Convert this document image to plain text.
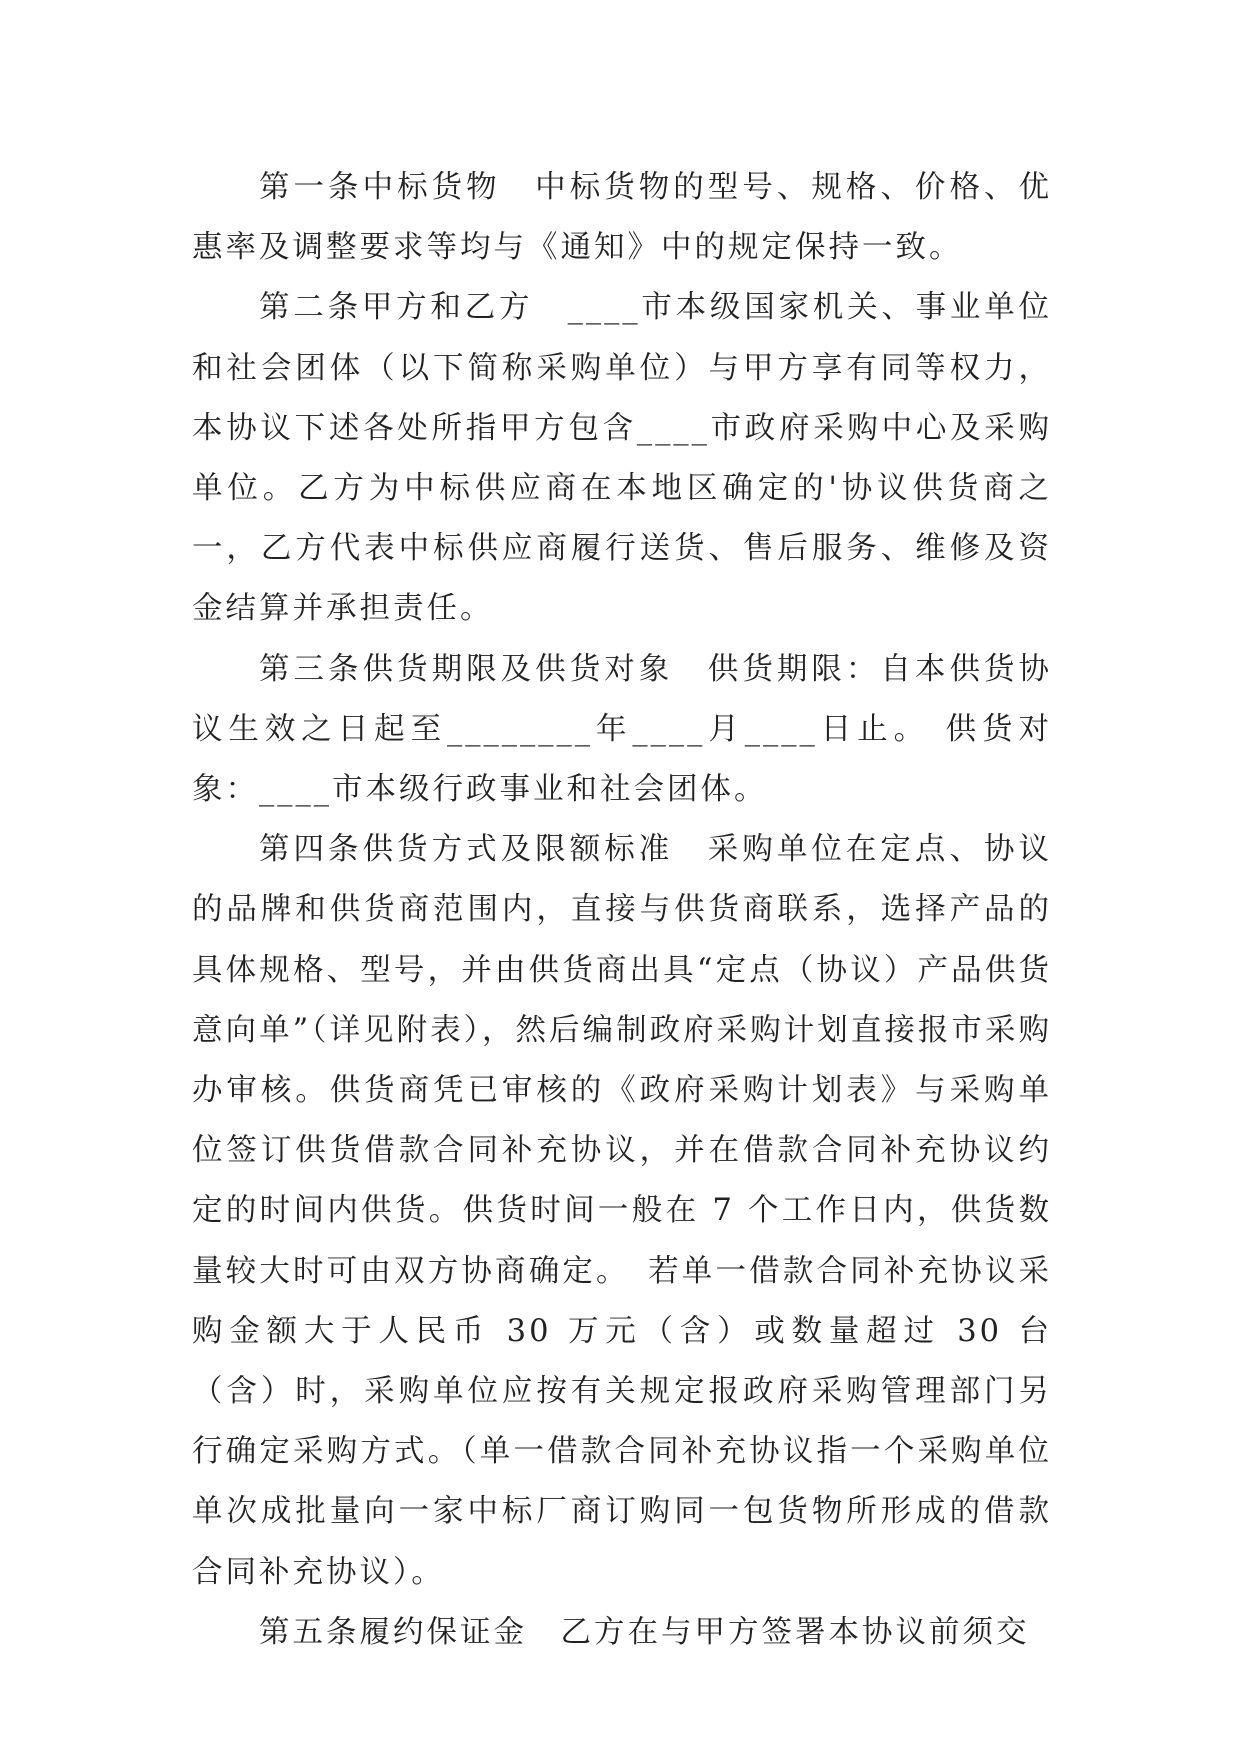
第一条中标货物　中标货物的型号、规格、价格、优惠率及调整要求等均与《通知》中的规定保持一致。

第二条甲方和乙方　____市本级国家机关、事业单位和社会团体（以下简称采购单位）与甲方享有同等权力，本协议下述各处所指甲方包含____市政府采购中心及采购单位。乙方为中标供应商在本地区确定的'协议供货商之一，乙方代表中标供应商履行送货、售后服务、维修及资金结算并承担责任。

第三条供货期限及供货对象　供货期限：自本供货协议生效之日起至________年____月____日止。 供货对象：____市本级行政事业和社会团体。

第四条供货方式及限额标准　采购单位在定点、协议的品牌和供货商范围内，直接与供货商联系，选择产品的具体规格、型号，并由供货商出具“定点（协议）产品供货意向单”（详见附表），然后编制政府采购计划直接报市采购办审核。供货商凭已审核的《政府采购计划表》与采购单位签订供货借款合同补充协议，并在借款合同补充协议约定的时间内供货。供货时间一般在 7 个工作日内，供货数量较大时可由双方协商确定。　若单一借款合同补充协议采购金额大于人民币 30 万元（含）或数量超过 30 台（含）时，采购单位应按有关规定报政府采购管理部门另行确定采购方式。（单一借款合同补充协议指一个采购单位单次成批量向一家中标厂商订购同一包货物所形成的借款合同补充协议）。

第五条履约保证金　乙方在与甲方签署本协议前须交
